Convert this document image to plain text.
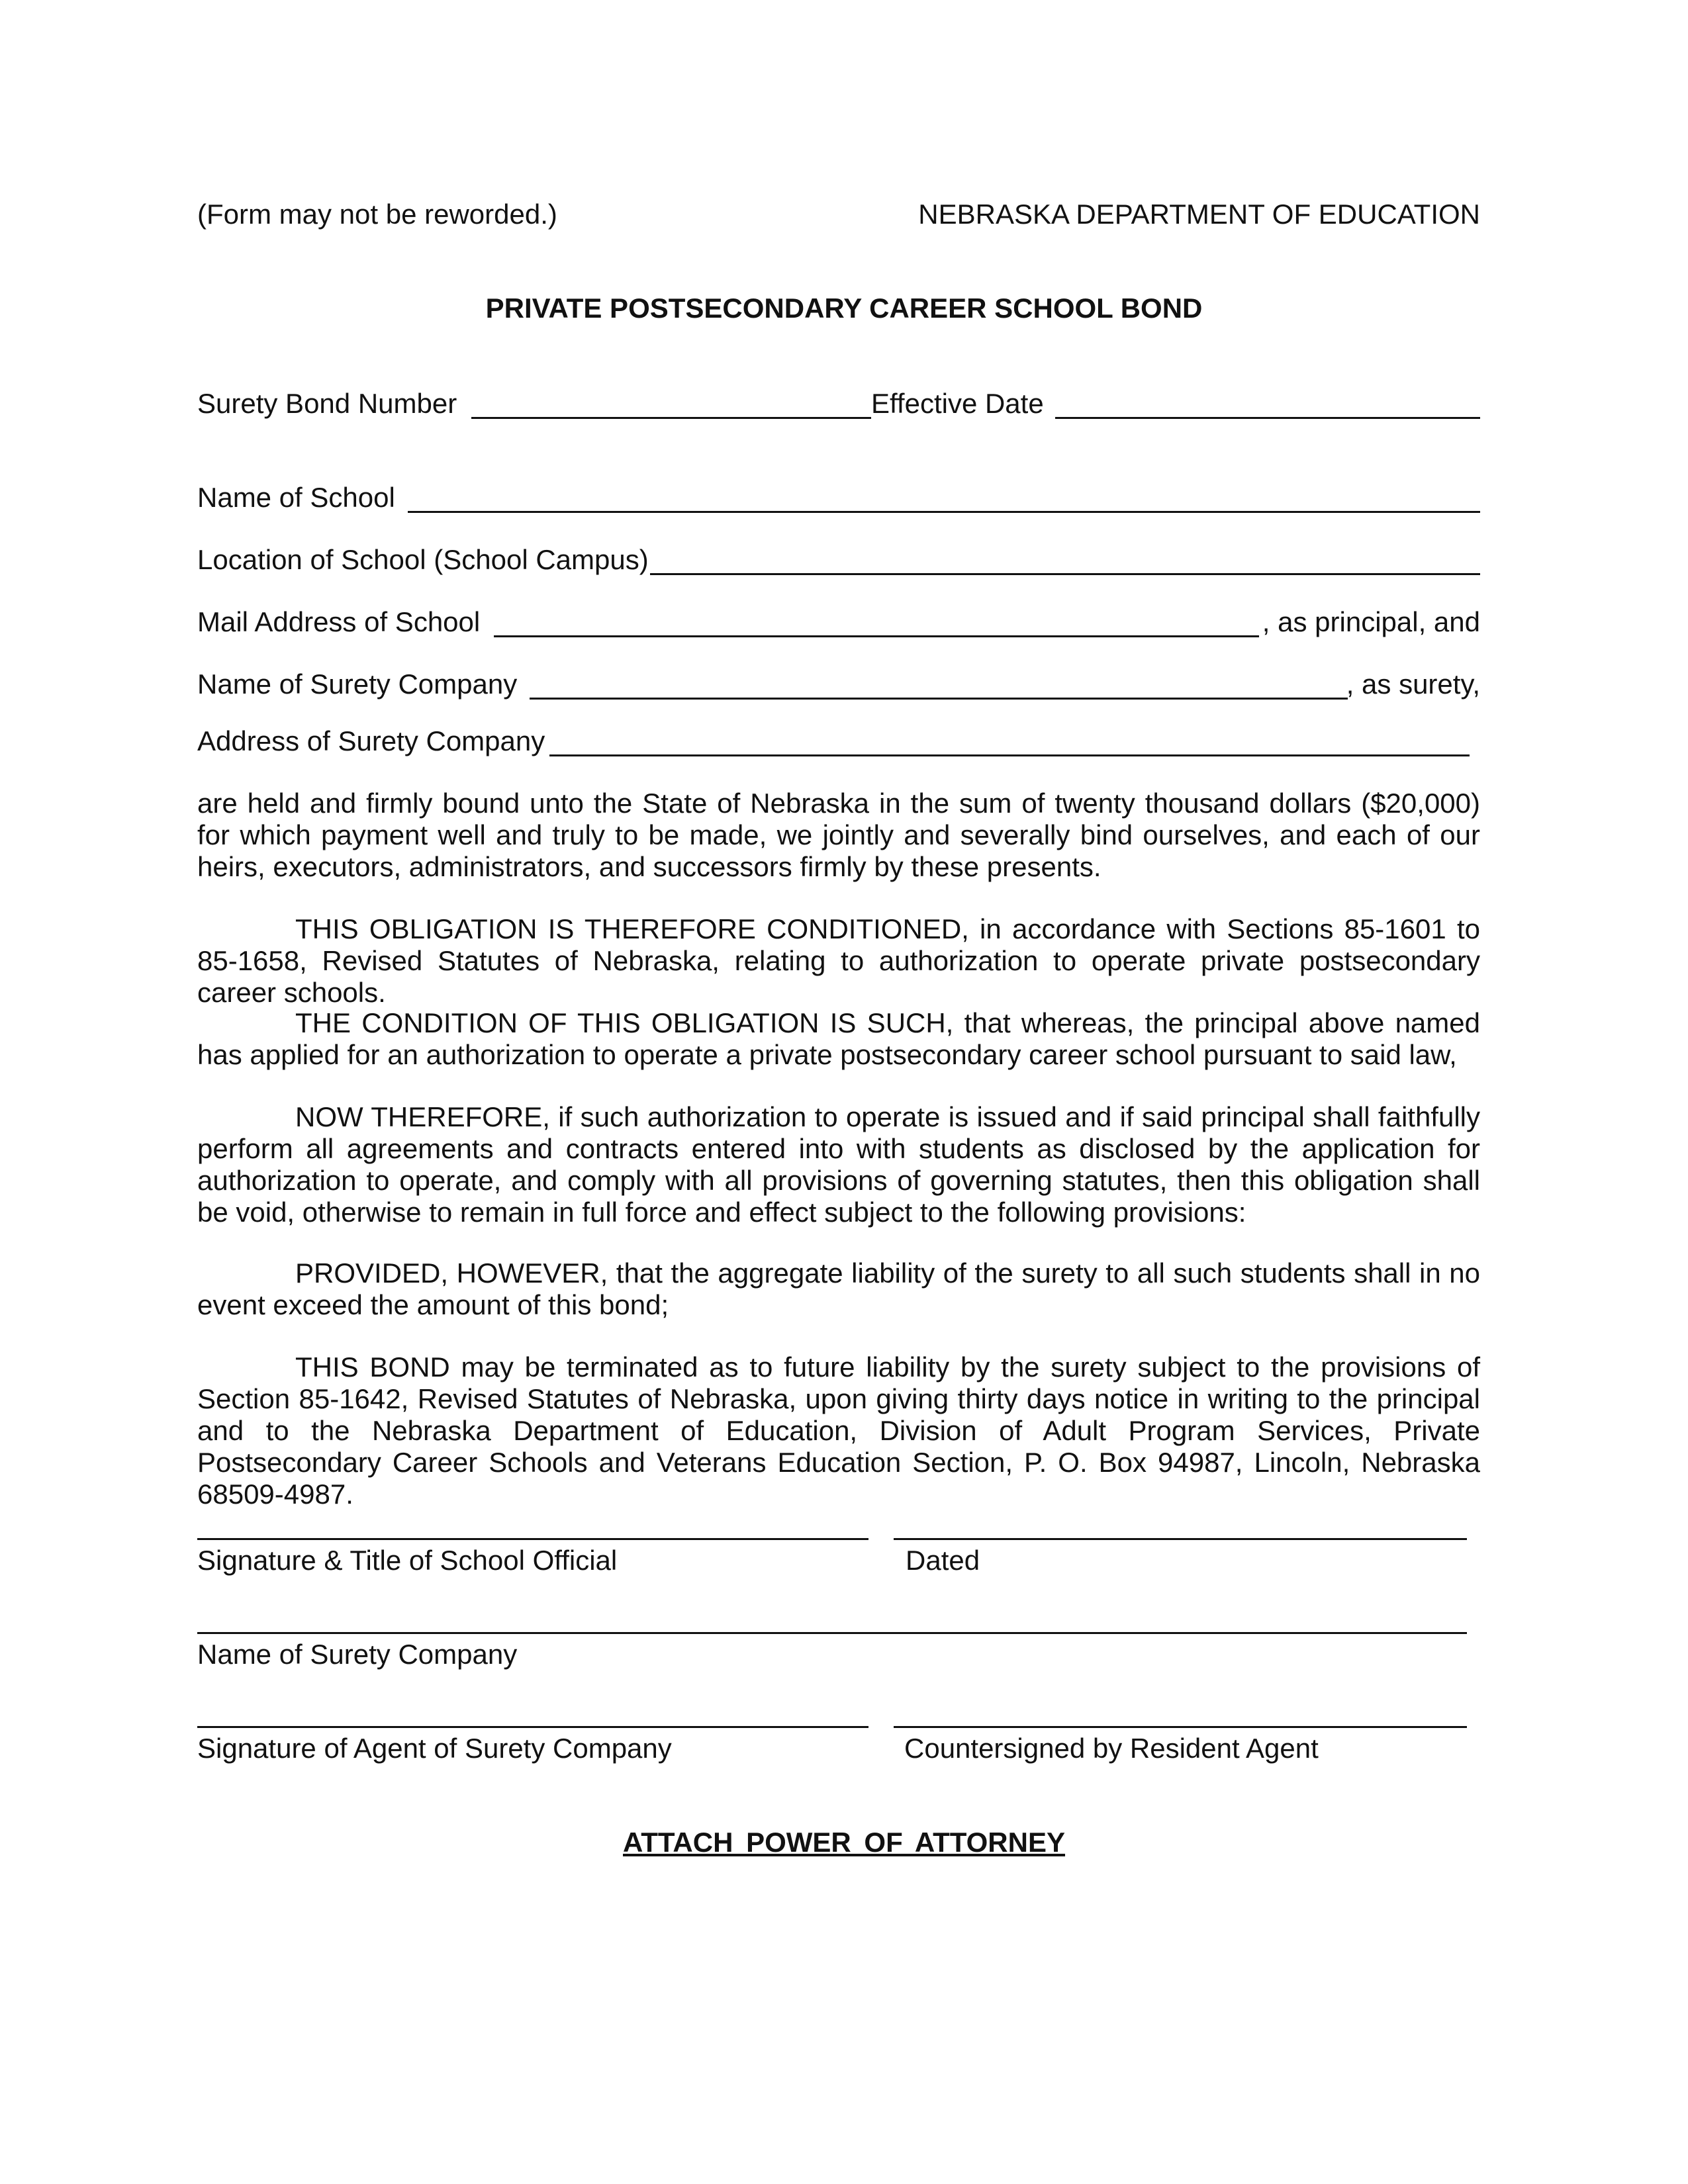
(Form may not be reworded.)	NEBRASKA DEPARTMENT OF EDUCATION
PRIVATE POSTSECONDARY CAREER SCHOOL BOND
Surety Bond Number	Effective Date
Name of School
Location of School (School Campus)
Mail Address of School	, as principal, and
Name of Surety Company	, as surety,
Address of Surety Company
are held and firmly bound unto the State of Nebraska in the sum of twenty thousand dollars ($20,000) for which payment well and truly to be made, we jointly and severally bind ourselves, and each of our heirs, executors, administrators, and successors firmly by these presents.
THIS OBLIGATION IS THEREFORE CONDITIONED, in accordance with Sections 85-1601 to 85-1658, Revised Statutes of Nebraska, relating to authorization to operate private postsecondary career schools.
THE CONDITION OF THIS OBLIGATION IS SUCH, that whereas, the principal above named has applied for an authorization to operate a private postsecondary career school pursuant to said law,
NOW THEREFORE, if such authorization to operate is issued and if said principal shall faithfully perform all agreements and contracts entered into with students as disclosed by the application for authorization to operate, and comply with all provisions of governing statutes, then this obligation shall be void, otherwise to remain in full force and effect subject to the following provisions:
PROVIDED, HOWEVER, that the aggregate liability of the surety to all such students shall in no event exceed the amount of this bond;
THIS BOND may be terminated as to future liability by the surety subject to the provisions of Section 85-1642, Revised Statutes of Nebraska, upon giving thirty days notice in writing to the principal and to the Nebraska Department of Education, Division of Adult Program Services, Private Postsecondary Career Schools and Veterans Education Section, P. O. Box 94987, Lincoln, Nebraska 68509-4987.
Signature & Title of School Official	Dated
Name of Surety Company
Signature of Agent of Surety Company	Countersigned by Resident Agent
ATTACH POWER OF ATTORNEY
